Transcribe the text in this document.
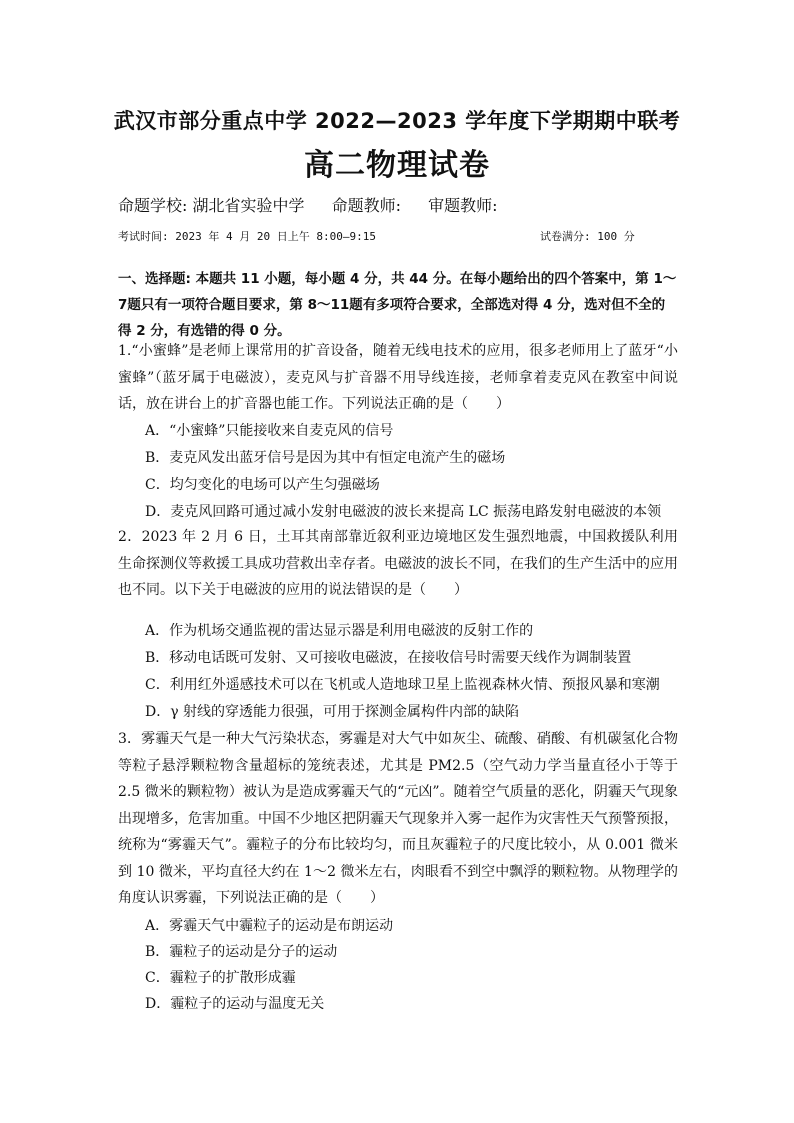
武汉市部分重点中学 2022—2023 学年度下学期期中联考
高二物理试卷
命题学校: 湖北省实验中学 命题教师: 审题教师:
考试时间: 2023 年 4 月 20 日上午 8:00—9:15	试卷满分: 100 分
一、选择题: 本题共 11 小题，每小题 4 分，共 44 分。在每小题给出的四个答案中，第 1～7题只有一项符合题目要求，第 8～11题有多项符合要求，全部选对得 4 分，选对但不全的得 2 分，有选错的得 0 分。
1.“小蜜蜂”是老师上课常用的扩音设备，随着无线电技术的应用，很多老师用上了蓝牙“小蜜蜂”（蓝牙属于电磁波），麦克风与扩音器不用导线连接，老师拿着麦克风在教室中间说话，放在讲台上的扩音器也能工作。下列说法正确的是（　　）
A．“小蜜蜂”只能接收来自麦克风的信号
B．麦克风发出蓝牙信号是因为其中有恒定电流产生的磁场
C．均匀变化的电场可以产生匀强磁场
D．麦克风回路可通过减小发射电磁波的波长来提高 LC 振荡电路发射电磁波的本领
2．2023 年 2 月 6 日，土耳其南部靠近叙利亚边境地区发生强烈地震，中国救援队利用生命探测仪等救援工具成功营救出幸存者。电磁波的波长不同，在我们的生产生活中的应用也不同。以下关于电磁波的应用的说法错误的是（　　）
A．作为机场交通监视的雷达显示器是利用电磁波的反射工作的
B．移动电话既可发射、又可接收电磁波，在接收信号时需要天线作为调制装置
C．利用红外遥感技术可以在飞机或人造地球卫星上监视森林火情、预报风暴和寒潮
D．γ 射线的穿透能力很强，可用于探测金属构件内部的缺陷
3．雾霾天气是一种大气污染状态，雾霾是对大气中如灰尘、硫酸、硝酸、有机碳氢化合物等粒子悬浮颗粒物含量超标的笼统表述，尤其是 PM2.5（空气动力学当量直径小于等于 2.5 微米的颗粒物）被认为是造成雾霾天气的“元凶”。随着空气质量的恶化，阴霾天气现象出现增多，危害加重。中国不少地区把阴霾天气现象并入雾一起作为灾害性天气预警预报，统称为“雾霾天气”。霾粒子的分布比较均匀，而且灰霾粒子的尺度比较小，从 0.001 微米到 10 微米，平均直径大约在 1～2 微米左右，肉眼看不到空中飘浮的颗粒物。从物理学的角度认识雾霾，下列说法正确的是（　　）
A．雾霾天气中霾粒子的运动是布朗运动
B．霾粒子的运动是分子的运动
C．霾粒子的扩散形成霾
D．霾粒子的运动与温度无关
